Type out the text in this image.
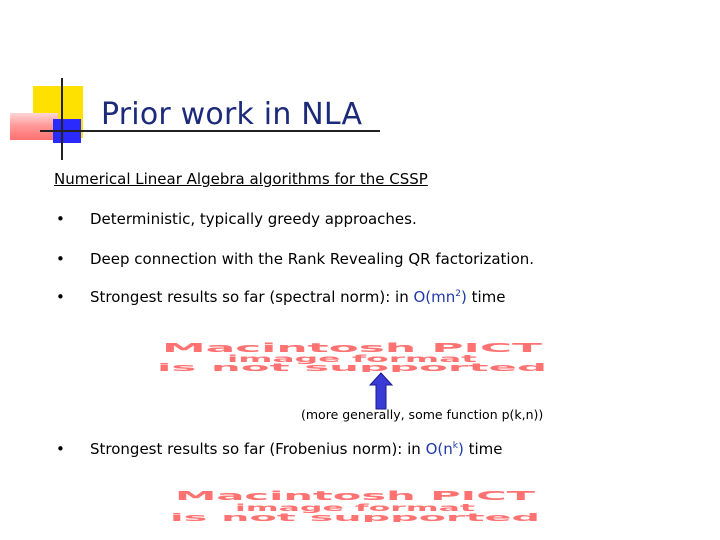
Prior work in NLA
Numerical Linear Algebra algorithms for the CSSP
• Deterministic, typically greedy approaches.
• Deep connection with the Rank Revealing QR factorization.
• Strongest results so far (spectral norm): in $O(mn^2)$ time
Macintosh PICT
image format
is not supported
(more generally, some function p(k,n))
• Strongest results so far (Frobenius norm): in $O(n^k)$ time
Macintosh PICT
image format
is not supported
